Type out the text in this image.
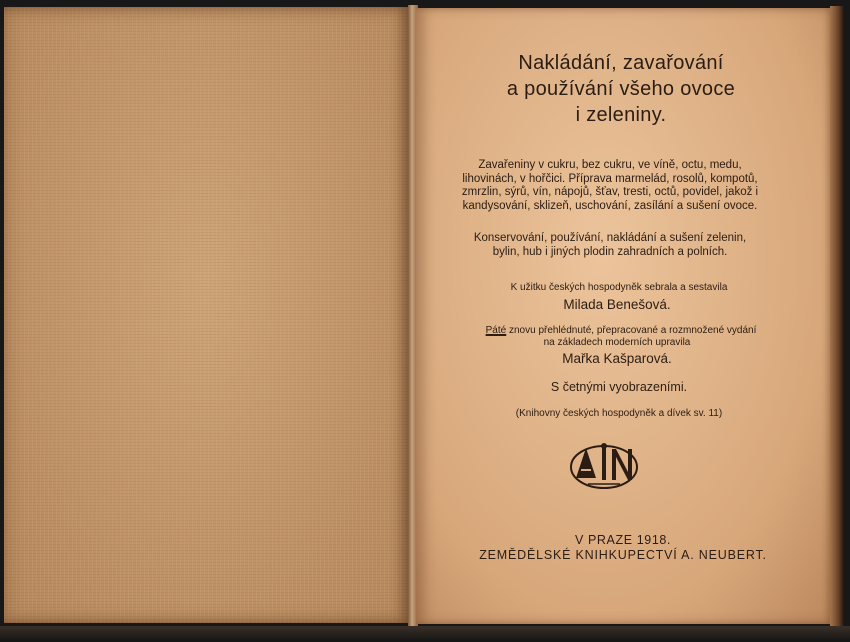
Nakládání, zavařování
a používání všeho ovoce
i zeleniny.
Zavařeniny v cukru, bez cukru, ve víně, octu, medu, lihovinách, v hořčici. Příprava marmelád, rosolů, kompotů, zmrzlin, sýrů, vín, nápojů, šťav, tresti, octů, povidel, jakož i kandysování, sklizeň, uschování, zasílání a sušení ovoce.
Konservování, používání, nakládání a sušení zelenin, bylin, hub i jiných plodin zahradních a polních.
K užitku českých hospodyněk sebrala a sestavila
Milada Benešová.
Páté znovu přehlédnuté, přepracované a rozmnožené vydání
na základech moderních upravila
Mařka Kašparová.
S četnými vyobrazeními.
(Knihovny českých hospodyněk a dívek sv. 11)
V PRAZE 1918.
ZEMĚDĚLSKÉ KNIHKUPECTVÍ A. NEUBERT.
